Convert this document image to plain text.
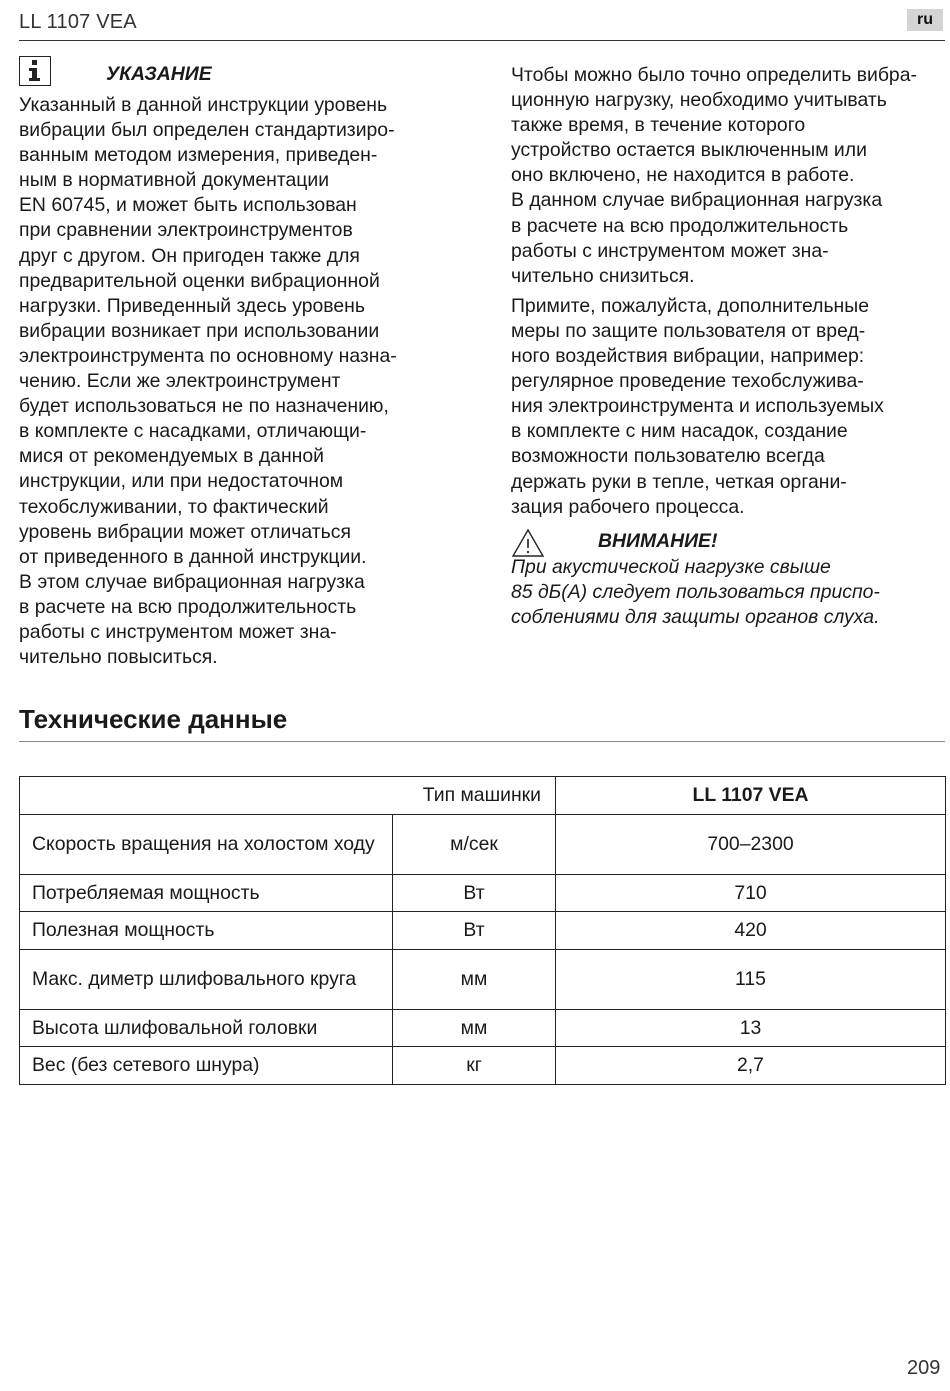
LL 1107 VEA	ru
УКАЗАНИЕ
Указанный в данной инструкции уровень
вибрации был определен стандартизиро-
ванным методом измерения, приведен-
ным в нормативной документации
EN 60745, и может быть использован
при сравнении электроинструментов
друг с другом. Он пригоден также для
предварительной оценки вибрационной
нагрузки. Приведенный здесь уровень
вибрации возникает при использовании
электроинструмента по основному назна-
чению. Если же электроинструмент
будет использоваться не по назначению,
в комплекте с насадками, отличающи-
мися от рекомендуемых в данной
инструкции, или при недостаточном
техобслуживании, то фактический
уровень вибрации может отличаться
от приведенного в данной инструкции.
В этом случае вибрационная нагрузка
в расчете на всю продолжительность
работы с инструментом может зна-
чительно повыситься.
Чтобы можно было точно определить вибра-
ционную нагрузку, необходимо учитывать
также время, в течение которого
устройство остается выключенным или
оно включено, не находится в работе.
В данном случае вибрационная нагрузка
в расчете на всю продолжительность
работы с инструментом может зна-
чительно снизиться.
Примите, пожалуйста, дополнительные
меры по защите пользователя от вред-
ного воздействия вибрации, например:
регулярное проведение техобслужива-
ния электроинструмента и используемых
в комплекте с ним насадок, создание
возможности пользователю всегда
держать руки в тепле, четкая органи-
зация рабочего процесса.
ВНИМАНИЕ!
При акустической нагрузке свыше
85 дБ(А) следует пользоваться приспо-
соблениями для защиты органов слуха.
Технические данные
Тип машинки		LL 1107 VEA
Скорость вращения на холостом ходу	м/сек	700–2300
Потребляемая мощность	Вт	710
Полезная мощность	Вт	420
Макс. диметр шлифовального круга	мм	115
Высота шлифовальной головки	мм	13
Вес (без сетевого шнура)	кг	2,7
209
